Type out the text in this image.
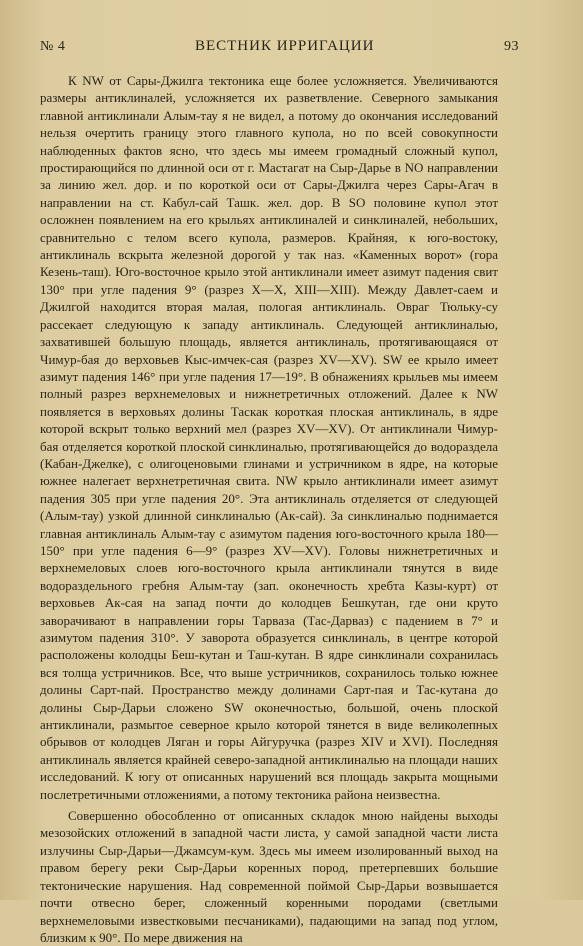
№ 4	ВЕСТНИК ИРРИГАЦИИ	93

К NW от Сары-Джилга тектоника еще более усложняется. Увеличиваются размеры антиклиналей, усложняется их разветвление. Северного замыкания главной антиклинали Алым-тау я не видел, а потому до окончания исследований нельзя очертить границу этого главного купола, но по всей совокупности наблюденных фактов ясно, что здесь мы имеем громадный сложный купол, простирающийся по длинной оси от г. Мастагат на Сыр-Дарье в NO направлении за линию жел. дор. и по короткой оси от Сары-Джилга через Сары-Агач в направлении на ст. Кабул-сай Ташк. жел. дор. В SO половине купол этот осложнен появлением на его крыльях антиклиналей и синклиналей, небольших, сравнительно с телом всего купола, размеров. Крайняя, к юго-востоку, антиклиналь вскрыта железной дорогой у так наз. «Каменных ворот» (гора Кезень-таш). Юго-восточное крыло этой антиклинали имеет азимут падения свит 130° при угле падения 9° (разрез X—X, XIII—XIII). Между Давлет-саем и Джилгой находится вторая малая, пологая антиклиналь. Овраг Тюльку-су рассекает следующую к западу антиклиналь. Следующей антиклиналью, захватившей большую площадь, является антиклиналь, протягивающаяся от Чимур-бая до верховьев Кыс-имчек-сая (разрез XV—XV). SW ее крыло имеет азимут падения 146° при угле падения 17—19°. В обнажениях крыльев мы имеем полный разрез верхнемеловых и нижнетретичных отложений. Далее к NW появляется в верховьях долины Таскак короткая плоская антиклиналь, в ядре которой вскрыт только верхний мел (разрез XV—XV). От антиклинали Чимур-бая отделяется короткой плоской синклиналью, протягивающейся до водораздела (Кабан-Джелке), с олигоценовыми глинами и устричником в ядре, на которые южнее налегает верхнетретичная свита. NW крыло антиклинали имеет азимут падения 305 при угле падения 20°. Эта антиклиналь отделяется от следующей (Алым-тау) узкой длинной синклиналью (Ак-сай). За синклиналью поднимается главная антиклиналь Алым-тау с азимутом падения юго-восточного крыла 180—150° при угле падения 6—9° (разрез XV—XV). Головы нижнетретичных и верхнемеловых слоев юго-восточного крыла антиклинали тянутся в виде водораздельного гребня Алым-тау (зап. оконечность хребта Казы-курт) от верховьев Ак-сая на запад почти до колодцев Бешкутан, где они круто заворачивают в направлении горы Тарваза (Тас-Дарваз) с падением в 7° и азимутом падения 310°. У заворота образуется синклиналь, в центре которой расположены колодцы Беш-кутан и Таш-кутан. В ядре синклинали сохранилась вся толща устричников. Все, что выше устричников, сохранилось только южнее долины Сарт-пай. Пространство между долинами Сарт-пая и Тас-кутана до долины Сыр-Дарьи сложено SW оконечностью, большой, очень плоской антиклинали, размытое северное крыло которой тянется в виде великолепных обрывов от колодцев Ляган и горы Айгуручка (разрез XIV и XVI). Последняя антиклиналь является крайней северо-западной антиклиналью на площади наших исследований. К югу от описанных нарушений вся площадь закрыта мощными послетретичными отложениями, а потому тектоника района неизвестна.

Совершенно обособленно от описанных складок мною найдены выходы мезозойских отложений в западной части листа, у самой западной части листа излучины Сыр-Дарьи—Джамсум-кум. Здесь мы имеем изолированный выход на правом берегу реки Сыр-Дарьи коренных пород, претерпевших большие тектонические нарушения. Над современной поймой Сыр-Дарьи возвышается почти отвесно берег, сложенный коренными породами (светлыми верхнемеловыми известковыми песчаниками), падающими на запад под углом, близким к 90°. По мере движения на
